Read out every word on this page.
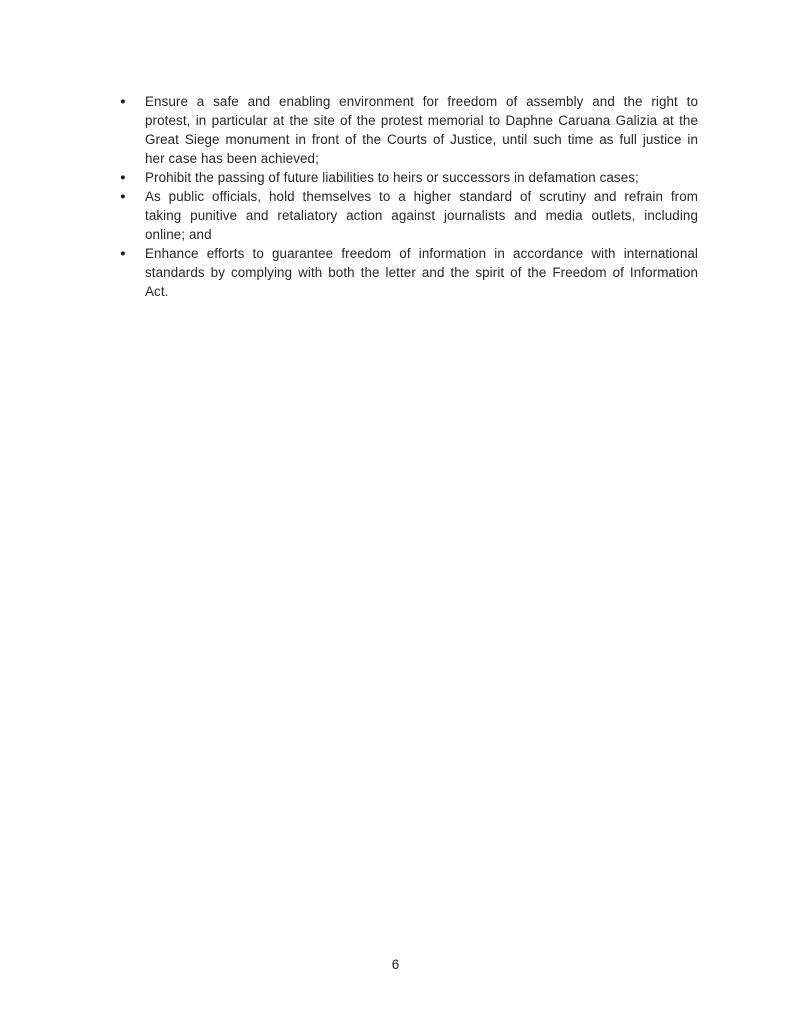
●	Ensure a safe and enabling environment for freedom of assembly and the right to
protest, in particular at the site of the protest memorial to Daphne Caruana Galizia at the
Great Siege monument in front of the Courts of Justice, until such time as full justice in
her case has been achieved;
●	Prohibit the passing of future liabilities to heirs or successors in defamation cases;
●	As public officials, hold themselves to a higher standard of scrutiny and refrain from
taking punitive and retaliatory action against journalists and media outlets, including
online; and
●	Enhance efforts to guarantee freedom of information in accordance with international
standards by complying with both the letter and the spirit of the Freedom of Information
Act.
6
